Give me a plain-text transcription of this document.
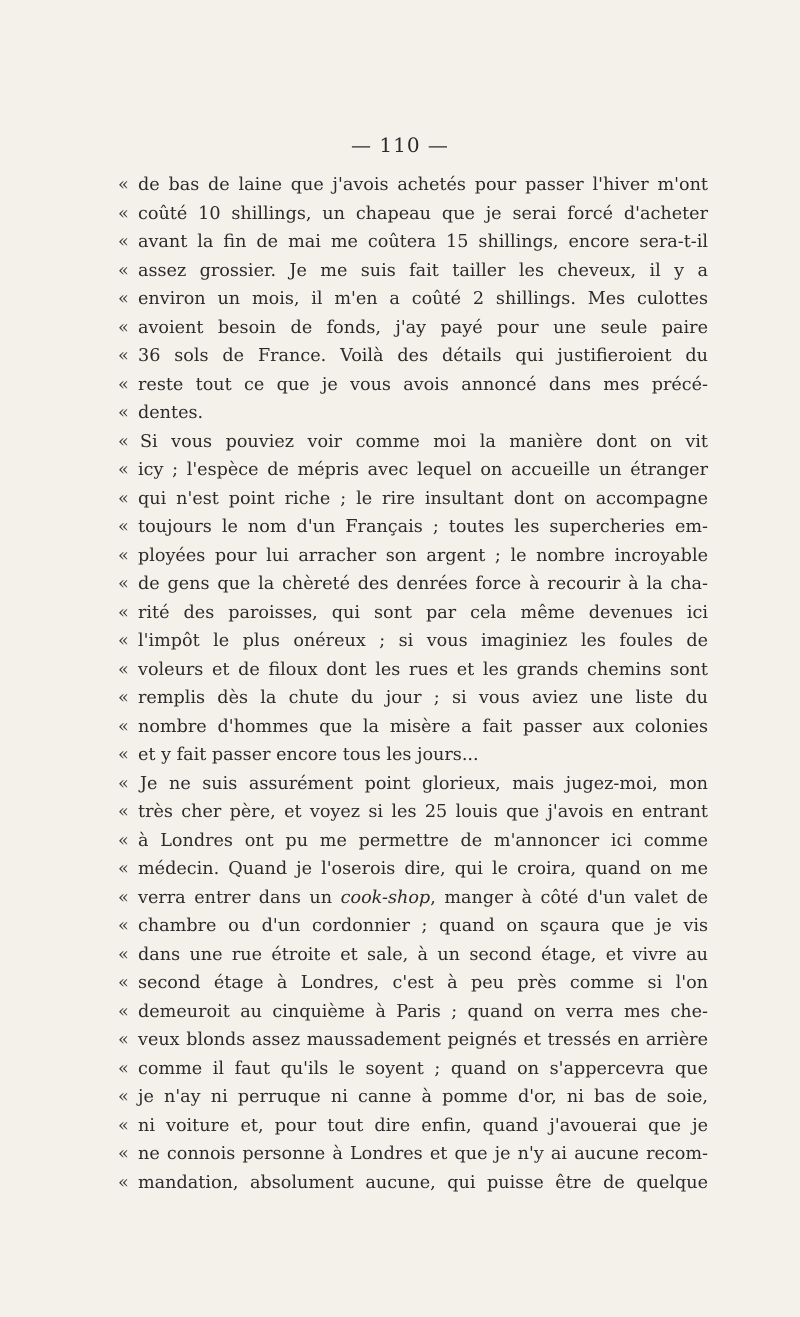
— 110 —
« de bas de laine que j'avois achetés pour passer l'hiver m'ont
« coûté 10 shillings, un chapeau que je serai forcé d'acheter
« avant la fin de mai me coûtera 15 shillings, encore sera-t-il
« assez grossier. Je me suis fait tailler les cheveux, il y a
« environ un mois, il m'en a coûté 2 shillings. Mes culottes
« avoient besoin de fonds, j'ay payé pour une seule paire
« 36 sols de France. Voilà des détails qui justifieroient du
« reste tout ce que je vous avois annoncé dans mes précé-
« dentes.
« Si vous pouviez voir comme moi la manière dont on vit
« icy ; l'espèce de mépris avec lequel on accueille un étranger
« qui n'est point riche ; le rire insultant dont on accompagne
« toujours le nom d'un Français ; toutes les supercheries em-
« ployées pour lui arracher son argent ; le nombre incroyable
« de gens que la chèreté des denrées force à recourir à la cha-
« rité des paroisses, qui sont par cela même devenues ici
« l'impôt le plus onéreux ; si vous imaginiez les foules de
« voleurs et de filoux dont les rues et les grands chemins sont
« remplis dès la chute du jour ; si vous aviez une liste du
« nombre d'hommes que la misère a fait passer aux colonies
« et y fait passer encore tous les jours...
« Je ne suis assurément point glorieux, mais jugez-moi, mon
« très cher père, et voyez si les 25 louis que j'avois en entrant
« à Londres ont pu me permettre de m'annoncer ici comme
« médecin. Quand je l'oserois dire, qui le croira, quand on me
« verra entrer dans un cook-shop, manger à côté d'un valet de
« chambre ou d'un cordonnier ; quand on sçaura que je vis
« dans une rue étroite et sale, à un second étage, et vivre au
« second étage à Londres, c'est à peu près comme si l'on
« demeuroit au cinquième à Paris ; quand on verra mes che-
« veux blonds assez maussadement peignés et tressés en arrière
« comme il faut qu'ils le soyent ; quand on s'appercevra que
« je n'ay ni perruque ni canne à pomme d'or, ni bas de soie,
« ni voiture et, pour tout dire enfin, quand j'avouerai que je
« ne connois personne à Londres et que je n'y ai aucune recom-
« mandation, absolument aucune, qui puisse être de quelque
